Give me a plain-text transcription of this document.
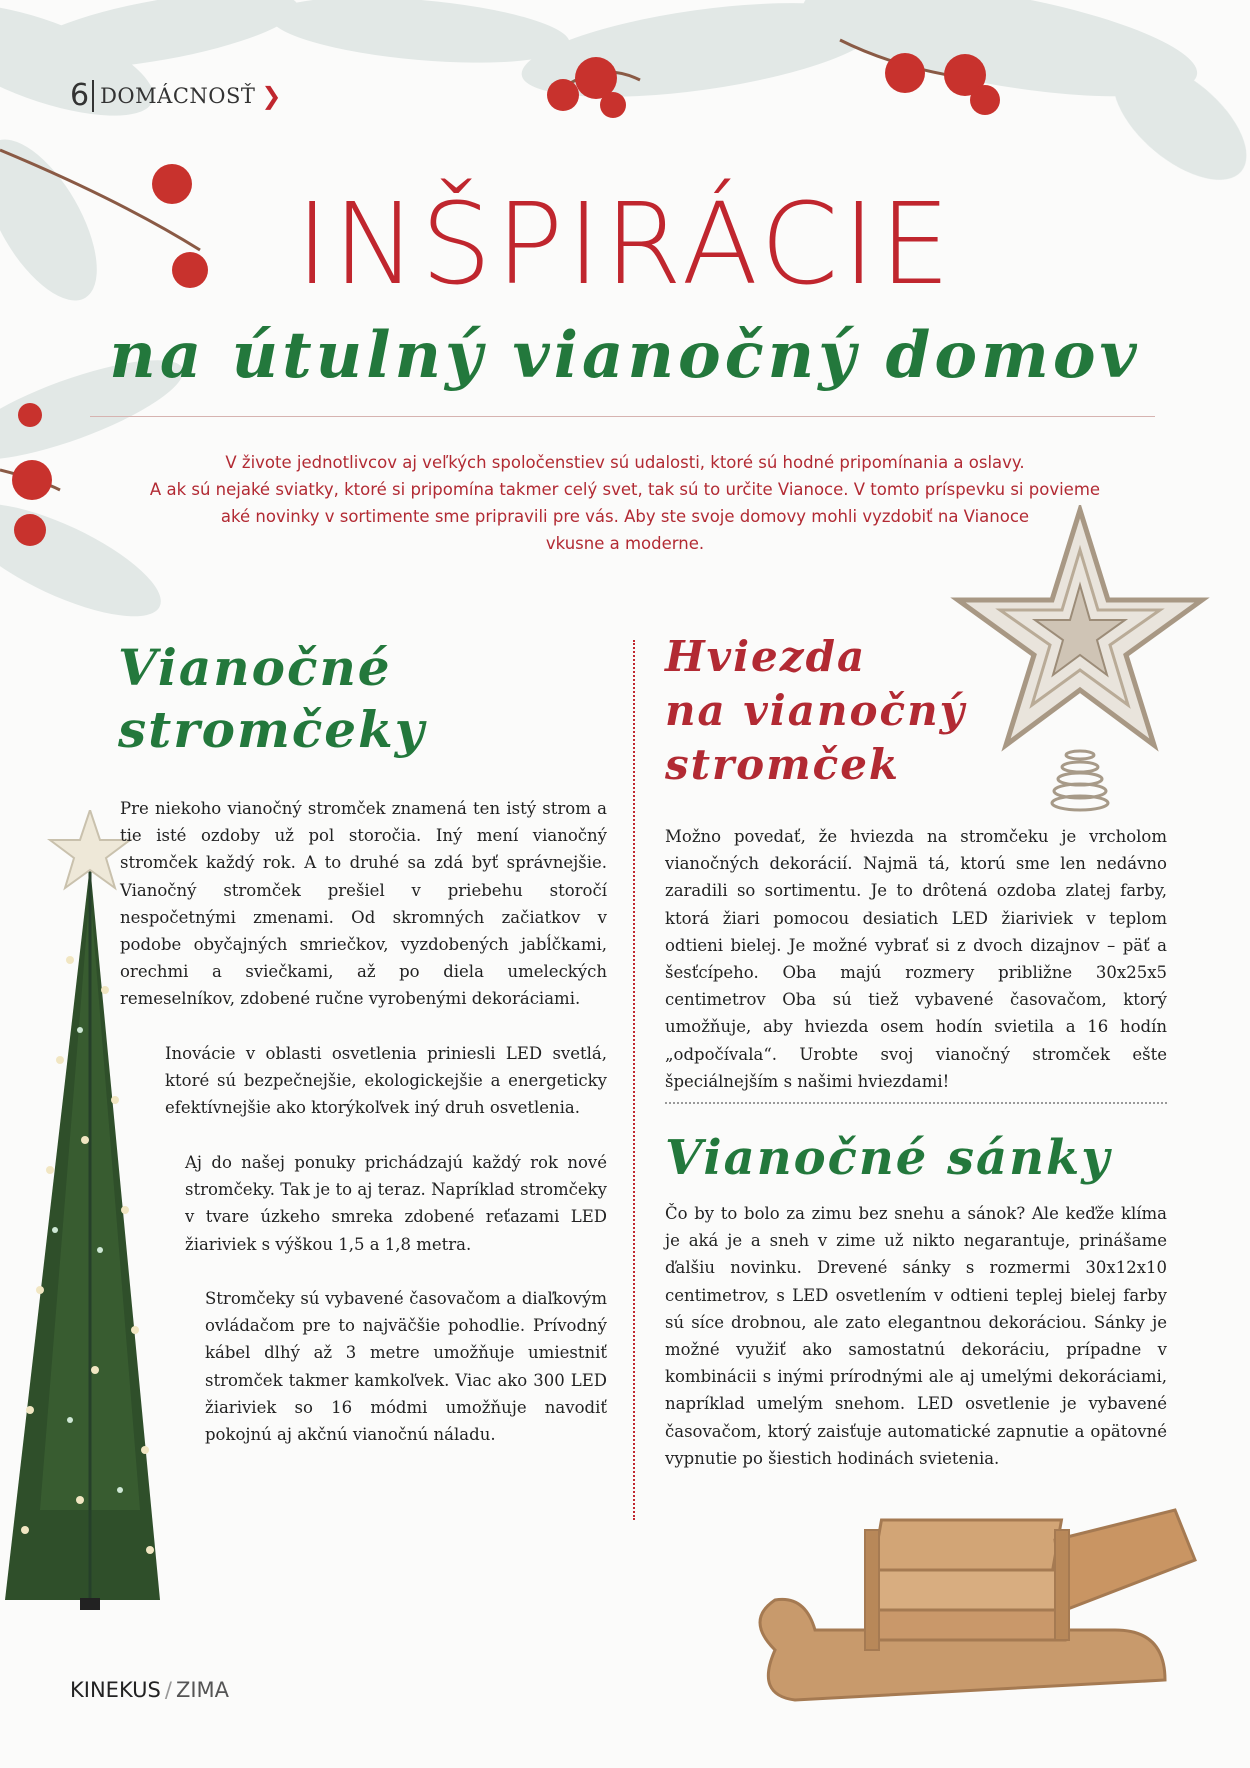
6 DOMÁCNOSŤ ❯
INŠPIRÁCIE
na útulný vianočný domov
V živote jednotlivcov aj veľkých spoločenstiev sú udalosti, ktoré sú hodné pripomínania a oslavy.
A ak sú nejaké sviatky, ktoré si pripomína takmer celý svet, tak sú to určite Vianoce. V tomto príspevku si povieme
aké novinky v sortimente sme pripravili pre vás. Aby ste svoje domovy mohli vyzdobiť na Vianoce
vkusne a moderne.
Vianočné
stromčeky
Pre niekoho vianočný stromček znamená ten istý strom a tie isté ozdoby už pol storočia. Iný mení vianočný stromček každý rok. A to druhé sa zdá byť správnejšie. Vianočný stromček prešiel v priebehu storočí nespočetnými zmenami. Od skromných začiatkov v podobe obyčajných smriečkov, vyzdobených jabĺčkami, orechmi a sviečkami, až po diela umeleckých remeselníkov, zdobené ručne vyrobenými dekoráciami.
Inovácie v oblasti osvetlenia priniesli LED svetlá, ktoré sú bezpečnejšie, ekologickejšie a energeticky efektívnejšie ako ktorýkoľvek iný druh osvetlenia.
Aj do našej ponuky prichádzajú každý rok nové stromčeky. Tak je to aj teraz. Napríklad stromčeky v tvare úzkeho smreka zdobené reťazami LED žiariviek s výškou 1,5 a 1,8 metra.
Stromčeky sú vybavené časovačom a diaľkovým ovládačom pre to najväčšie pohodlie. Prívodný kábel dlhý až 3 metre umožňuje umiestniť stromček takmer kamkoľvek. Viac ako 300 LED žiariviek so 16 módmi umožňuje navodiť pokojnú aj akčnú vianočnú náladu.
Hviezda
na vianočný
stromček
Možno povedať, že hviezda na stromčeku je vrcholom vianočných dekorácií. Najmä tá, ktorú sme len nedávno zaradili so sortimentu. Je to drôtená ozdoba zlatej farby, ktorá žiari pomocou desiatich LED žiariviek v teplom odtieni bielej. Je možné vybrať si z dvoch dizajnov – päť a šesťcípeho. Oba majú rozmery približne 30x25x5 centimetrov Oba sú tiež vybavené časovačom, ktorý umožňuje, aby hviezda osem hodín svietila a 16 hodín „odpočívala“. Urobte svoj vianočný stromček ešte špeciálnejším s našimi hviezdami!
Vianočné sánky
Čo by to bolo za zimu bez snehu a sánok? Ale keďže klíma je aká je a sneh v zime už nikto negarantuje, prinášame ďalšiu novinku. Drevené sánky s rozmermi 30x12x10 centimetrov, s LED osvetlením v odtieni teplej bielej farby sú síce drobnou, ale zato elegantnou dekoráciou. Sánky je možné využiť ako samostatnú dekoráciu, prípadne v kombinácii s inými prírodnými ale aj umelými dekoráciami, napríklad umelým snehom. LED osvetlenie je vybavené časovačom, ktorý zaisťuje automatické zapnutie a opätovné vypnutie po šiestich hodinách svietenia.
KINEKUS / ZIMA
